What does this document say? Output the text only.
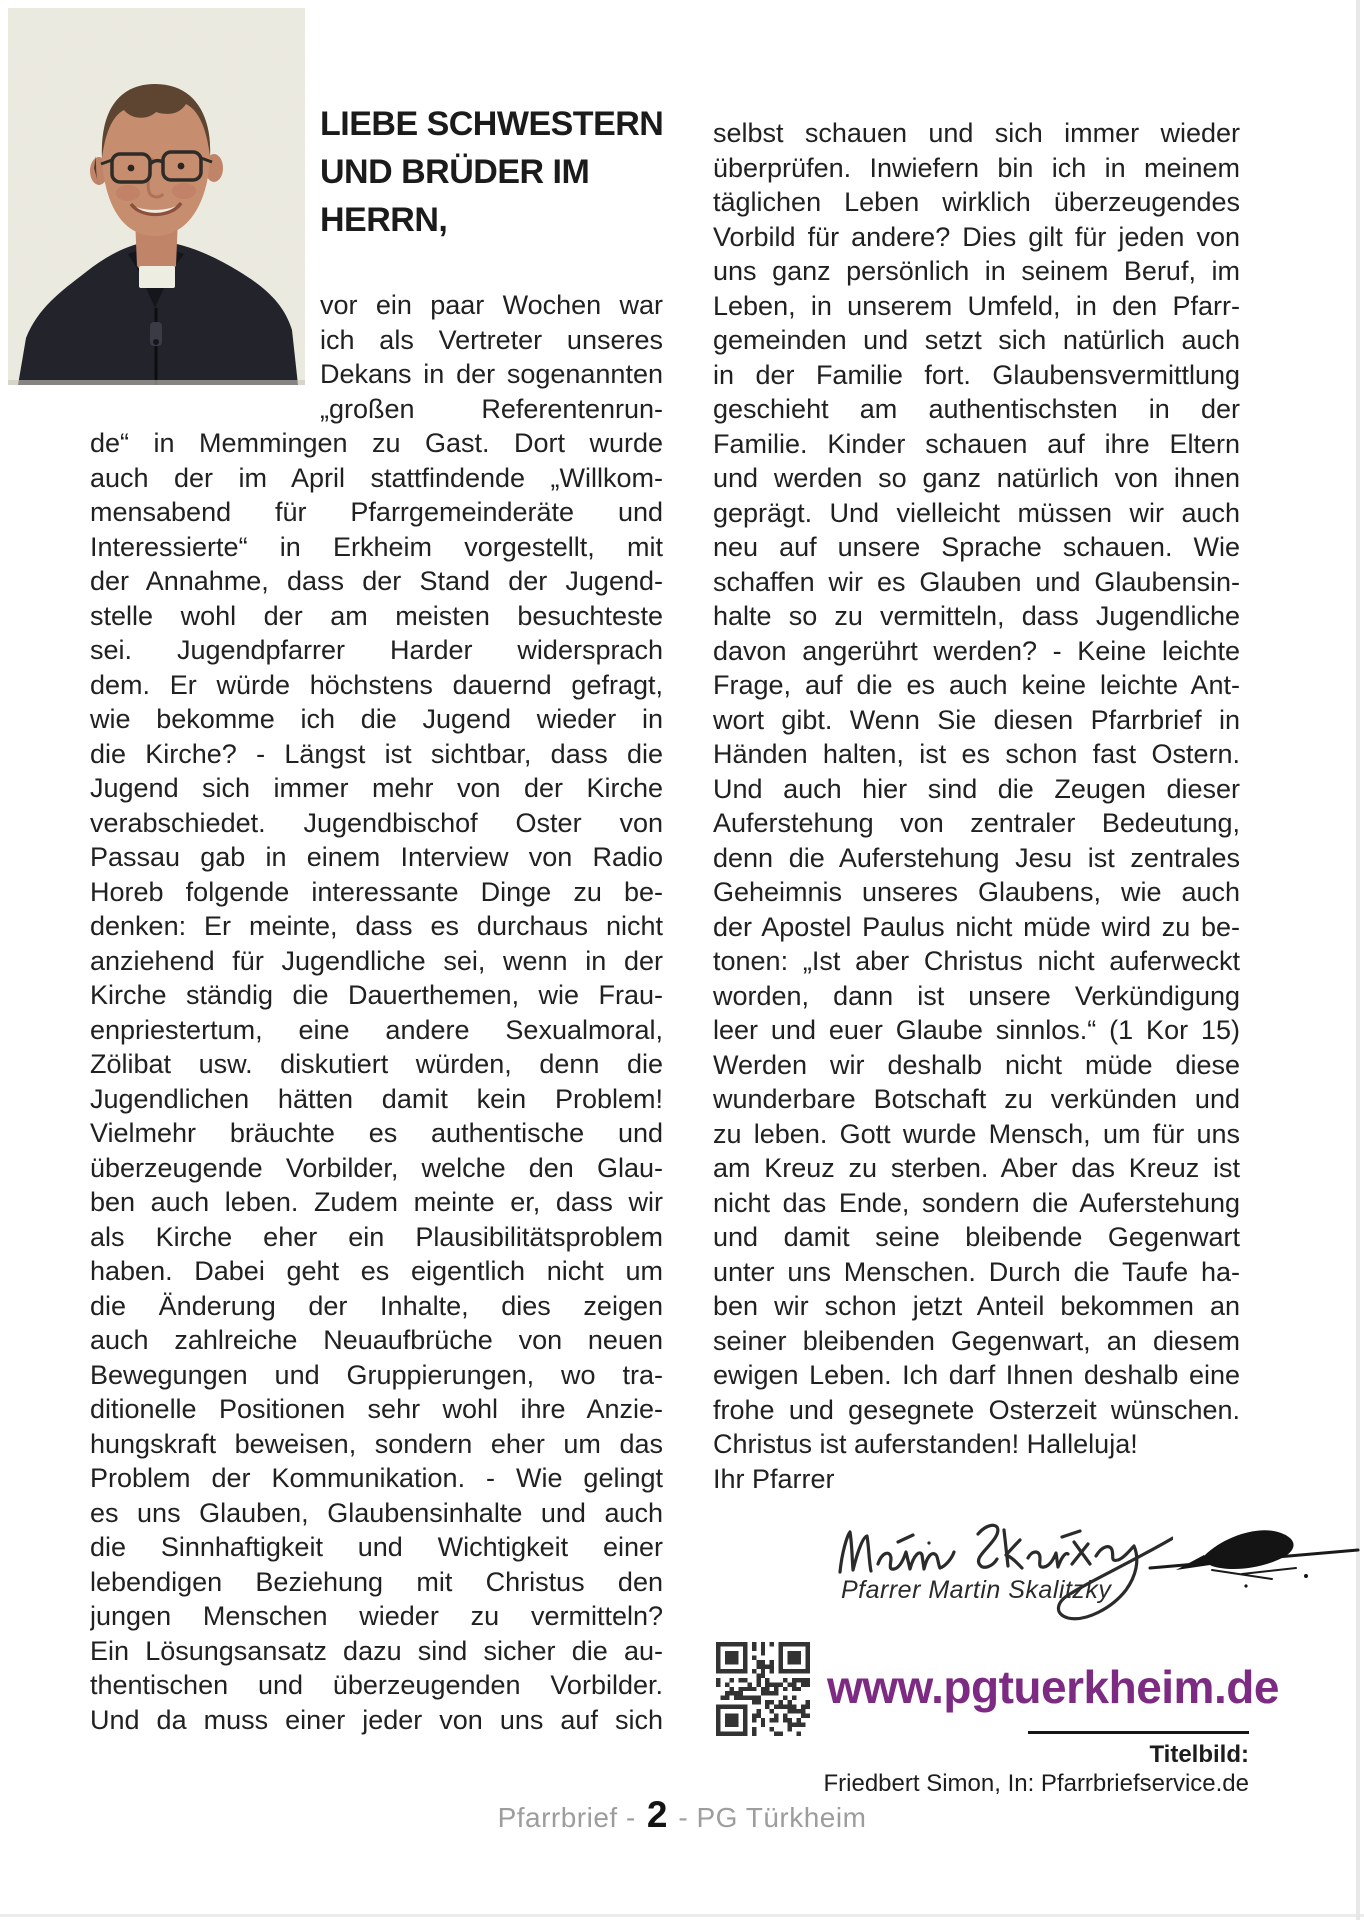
LIEBE SCHWESTERN
UND BRÜDER IM
HERRN,
vor ein paar Wochen war
ich als Vertreter unseres
Dekans in der sogenannten
„großen Referentenrun-
de“ in Memmingen zu Gast. Dort wurde
auch der im April stattfindende „Willkom-
mensabend für Pfarrgemeinderäte und
Interessierte“ in Erkheim vorgestellt, mit
der Annahme, dass der Stand der Jugend-
stelle wohl der am meisten besuchteste
sei. Jugendpfarrer Harder widersprach
dem. Er würde höchstens dauernd gefragt,
wie bekomme ich die Jugend wieder in
die Kirche? - Längst ist sichtbar, dass die
Jugend sich immer mehr von der Kirche
verabschiedet. Jugendbischof Oster von
Passau gab in einem Interview von Radio
Horeb folgende interessante Dinge zu be-
denken: Er meinte, dass es durchaus nicht
anziehend für Jugendliche sei, wenn in der
Kirche ständig die Dauerthemen, wie Frau-
enpriestertum, eine andere Sexualmoral,
Zölibat usw. diskutiert würden, denn die
Jugendlichen hätten damit kein Problem!
Vielmehr bräuchte es authentische und
überzeugende Vorbilder, welche den Glau-
ben auch leben. Zudem meinte er, dass wir
als Kirche eher ein Plausibilitätsproblem
haben. Dabei geht es eigentlich nicht um
die Änderung der Inhalte, dies zeigen
auch zahlreiche Neuaufbrüche von neuen
Bewegungen und Gruppierungen, wo tra-
ditionelle Positionen sehr wohl ihre Anzie-
hungskraft beweisen, sondern eher um das
Problem der Kommunikation. - Wie gelingt
es uns Glauben, Glaubensinhalte und auch
die Sinnhaftigkeit und Wichtigkeit einer
lebendigen Beziehung mit Christus den
jungen Menschen wieder zu vermitteln?
Ein Lösungsansatz dazu sind sicher die au-
thentischen und überzeugenden Vorbilder.
Und da muss einer jeder von uns auf sich
selbst schauen und sich immer wieder
überprüfen. Inwiefern bin ich in meinem
täglichen Leben wirklich überzeugendes
Vorbild für andere? Dies gilt für jeden von
uns ganz persönlich in seinem Beruf, im
Leben, in unserem Umfeld, in den Pfarr-
gemeinden und setzt sich natürlich auch
in der Familie fort. Glaubensvermittlung
geschieht am authentischsten in der
Familie. Kinder schauen auf ihre Eltern
und werden so ganz natürlich von ihnen
geprägt. Und vielleicht müssen wir auch
neu auf unsere Sprache schauen. Wie
schaffen wir es Glauben und Glaubensin-
halte so zu vermitteln, dass Jugendliche
davon angerührt werden? - Keine leichte
Frage, auf die es auch keine leichte Ant-
wort gibt. Wenn Sie diesen Pfarrbrief in
Händen halten, ist es schon fast Ostern.
Und auch hier sind die Zeugen dieser
Auferstehung von zentraler Bedeutung,
denn die Auferstehung Jesu ist zentrales
Geheimnis unseres Glaubens, wie auch
der Apostel Paulus nicht müde wird zu be-
tonen: „Ist aber Christus nicht auferweckt
worden, dann ist unsere Verkündigung
leer und euer Glaube sinnlos.“ (1 Kor 15)
Werden wir deshalb nicht müde diese
wunderbare Botschaft zu verkünden und
zu leben. Gott wurde Mensch, um für uns
am Kreuz zu sterben. Aber das Kreuz ist
nicht das Ende, sondern die Auferstehung
und damit seine bleibende Gegenwart
unter uns Menschen. Durch die Taufe ha-
ben wir schon jetzt Anteil bekommen an
seiner bleibenden Gegenwart, an diesem
ewigen Leben. Ich darf Ihnen deshalb eine
frohe und gesegnete Osterzeit wünschen.
Christus ist auferstanden! Halleluja!
Ihr Pfarrer
Pfarrer Martin Skalitzky
www.pgtuerkheim.de
Titelbild:
Friedbert Simon, In: Pfarrbriefservice.de
Pfarrbrief - 2 - PG Türkheim
